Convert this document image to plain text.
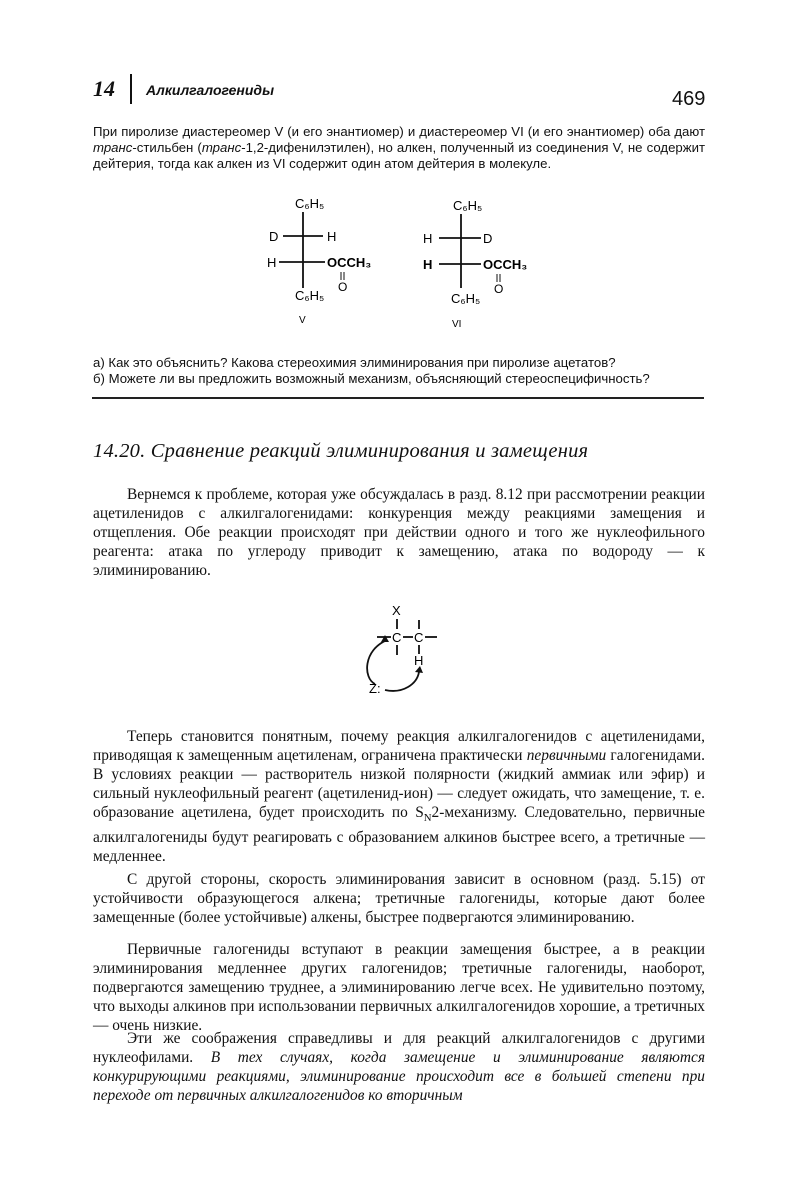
14 Алкилгалогениды	469
При пиролизе диастереомер V (и его энантиомер) и диастереомер VI (и его энантиомер) оба дают транс-стильбен (транс-1,2-дифенилэтилен), но алкен, полученный из соединения V, не содержит дейтерия, тогда как алкен из VI содержит один атом дейтерия в молекуле.
C₆H₅
D	H
H	OCCH₃
O
C₆H₅
V
C₆H₅
H	D
H	OCCH₃
O
C₆H₅
VI
а) Как это объяснить? Какова стереохимия элиминирования при пиролизе ацетатов?
б) Можете ли вы предложить возможный механизм, объясняющий стереоспецифичность?
14.20. Сравнение реакций элиминирования и замещения

Вернемся к проблеме, которая уже обсуждалась в разд. 8.12 при рассмотрении реакции ацетиленидов с алкилгалогенидами: конкуренция между реакциями замещения и отщепления. Обе реакции происходят при действии одного и того же нуклеофильного реагента: атака по углероду приводит к замещению, атака по водороду — к элиминированию.

X
C C
H
Z:

Теперь становится понятным, почему реакция алкилгалогенидов с ацетиленидами, приводящая к замещенным ацетиленам, ограничена практически первичными галогенидами. В условиях реакции — растворитель низкой полярности (жидкий аммиак или эфир) и сильный нуклеофильный реагент (ацетиленид-ион) — следует ожидать, что замещение, т. е. образование ацетилена, будет происходить по $S_N2$-механизму. Следовательно, первичные алкилгалогениды будут реагировать с образованием алкинов быстрее всего, а третичные — медленнее.

С другой стороны, скорость элиминирования зависит в основном (разд. 5.15) от устойчивости образующегося алкена; третичные галогениды, которые дают более замещенные (более устойчивые) алкены, быстрее подвергаются элиминированию.

Первичные галогениды вступают в реакции замещения быстрее, а в реакции элиминирования медленнее других галогенидов; третичные галогениды, наоборот, подвергаются замещению труднее, а элиминированию легче всех. Не удивительно поэтому, что выходы алкинов при использовании первичных алкилгалогенидов хорошие, а третичных — очень низкие.

Эти же соображения справедливы и для реакций алкилгалогенидов с другими нуклеофилами. В тех случаях, когда замещение и элиминирование являются конкурирующими реакциями, элиминирование происходит все в большей степени при переходе от первичных алкилгалогенидов ко вторичным
